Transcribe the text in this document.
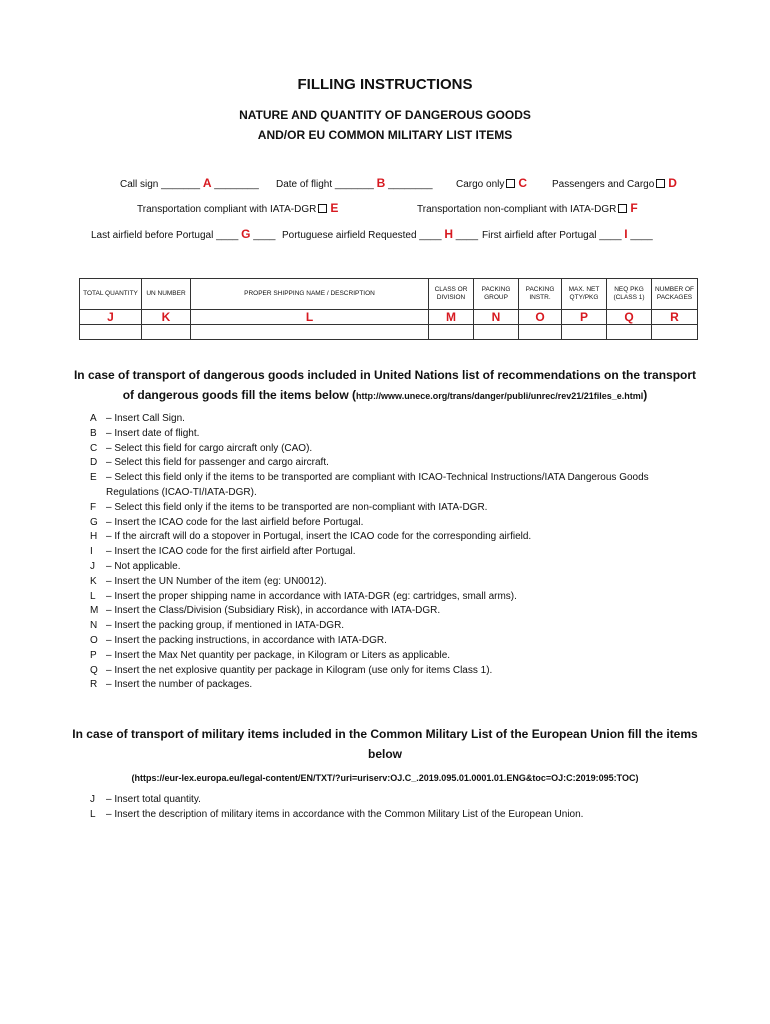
FILLING INSTRUCTIONS
NATURE AND QUANTITY OF DANGEROUS GOODS
AND/OR EU COMMON MILITARY LIST ITEMS
Call sign _______ A ________ Date of flight _______ B ________ Cargo only C Passengers and Cargo D
Transportation compliant with IATA-DGR E	Transportation non-compliant with IATA-DGR F
Last airfield before Portugal ____ G ____ Portuguese airfield Requested ____ H ____ First airfield after Portugal ____ I ____
TOTAL QUANTITY	UN NUMBER	PROPER SHIPPING NAME / DESCRIPTION	CLASS OR DIVISION	PACKING GROUP	PACKING INSTR.	MAX. NET QTY/PKG	NEQ PKG (CLASS 1)	NUMBER OF PACKAGES
J	K	L	M	N	O	P	Q	R

In case of transport of dangerous goods included in United Nations list of recommendations on the transport
of dangerous goods fill the items below (http://www.unece.org/trans/danger/publi/unrec/rev21/21files_e.html)
A – Insert Call Sign.
B – Insert date of flight.
C – Select this field for cargo aircraft only (CAO).
D – Select this field for passenger and cargo aircraft.
E – Select this field only if the items to be transported are compliant with ICAO-Technical Instructions/IATA Dangerous Goods Regulations (ICAO-TI/IATA-DGR).
F – Select this field only if the items to be transported are non-compliant with IATA-DGR.
G – Insert the ICAO code for the last airfield before Portugal.
H – If the aircraft will do a stopover in Portugal, insert the ICAO code for the corresponding airfield.
I	– Insert the ICAO code for the first airfield after Portugal.
J	– Not applicable.
K – Insert the UN Number of the item (eg: UN0012).
L	– Insert the proper shipping name in accordance with IATA-DGR (eg: cartridges, small arms).
M – Insert the Class/Division (Subsidiary Risk), in accordance with IATA-DGR.
N – Insert the packing group, if mentioned in IATA-DGR.
O – Insert the packing instructions, in accordance with IATA-DGR.
P – Insert the Max Net quantity per package, in Kilogram or Liters as applicable.
Q – Insert the net explosive quantity per package in Kilogram (use only for items Class 1).
R – Insert the number of packages.
In case of transport of military items included in the Common Military List of the European Union fill the items
below
(https://eur-lex.europa.eu/legal-content/EN/TXT/?uri=uriserv:OJ.C_.2019.095.01.0001.01.ENG&toc=OJ:C:2019:095:TOC)
J	– Insert total quantity.
L	– Insert the description of military items in accordance with the Common Military List of the European Union.
